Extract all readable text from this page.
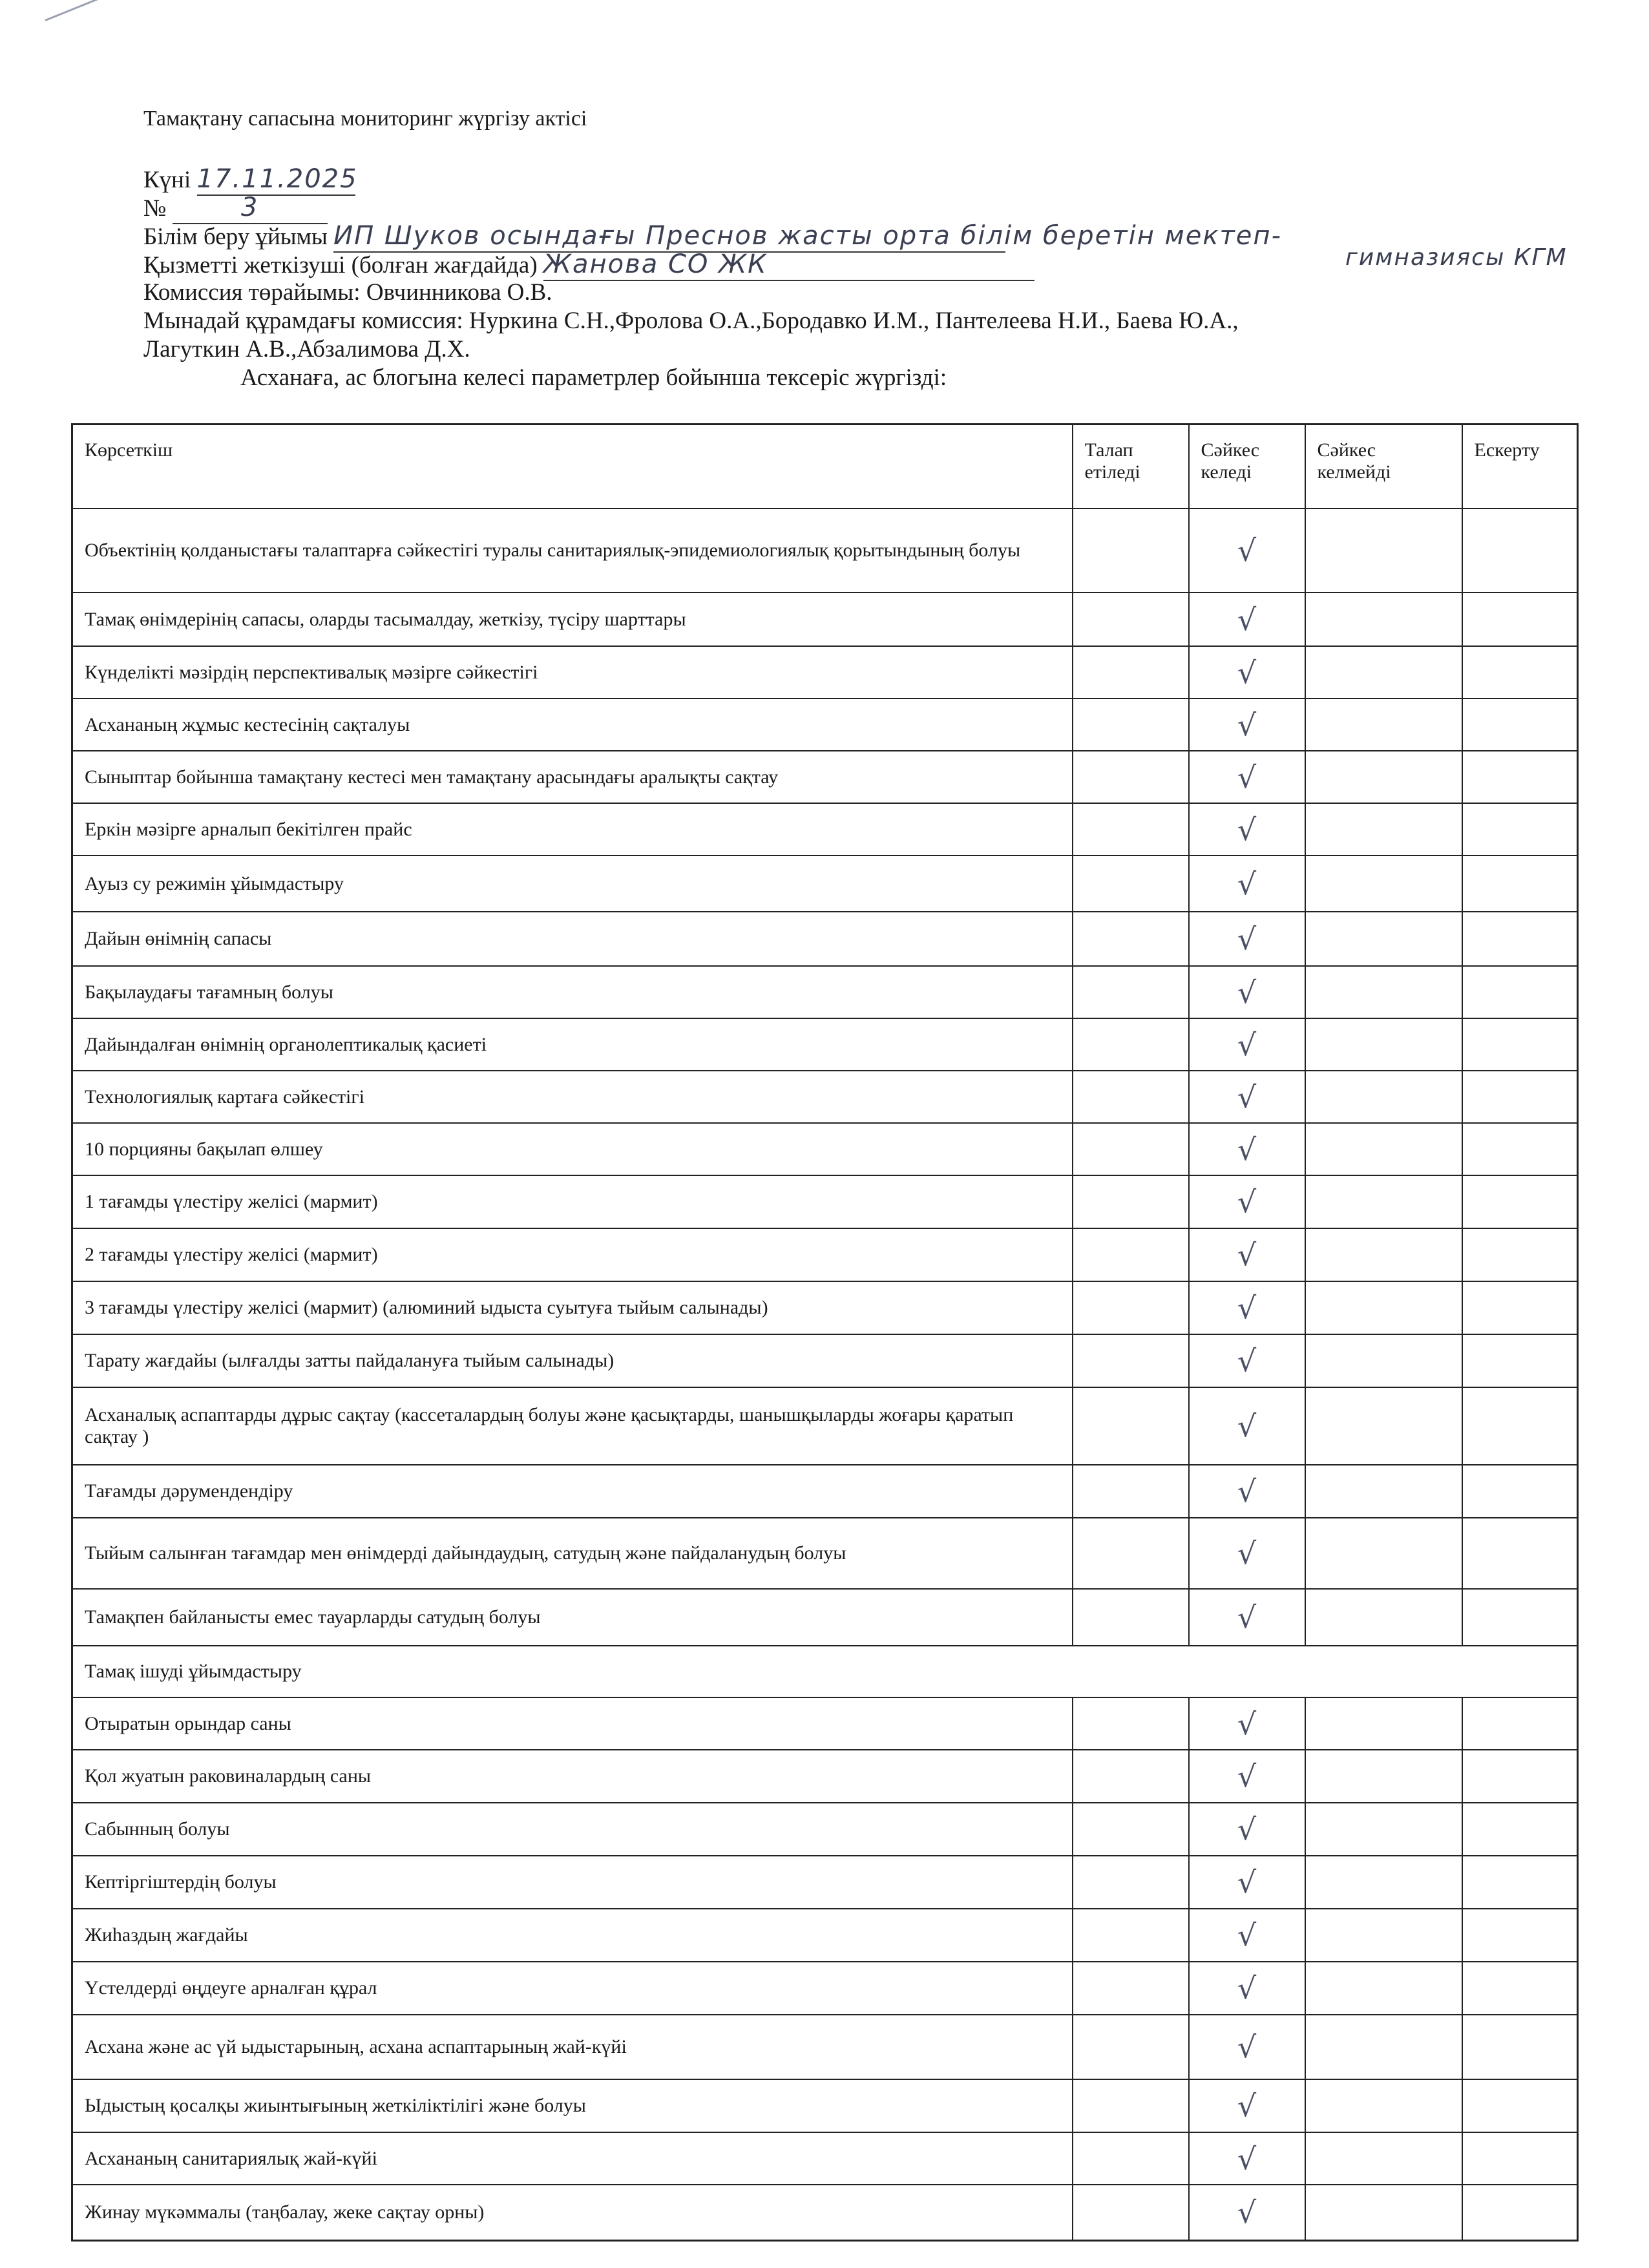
Тамақтану сапасына мониторинг жүргізу актісі
Күні 17.11.2025
№	3
Білім беру ұйымы ИП Шуков осындағы Преснов жасты орта білім беретін мектеп-
Қызметті жеткізуші (болған жағдайда) Жанова СО ЖК	гимназиясы КГМ
Комиссия төрайымы: Овчинникова О.В.
Мынадай құрамдағы комиссия: Нуркина С.Н.,Фролова О.А.,Бородавко И.М., Пантелеева Н.И., Баева Ю.А.,
Лагуткин А.В.,Абзалимова Д.Х.
Асханаға, ас блогына келесі параметрлер бойынша тексеріс жүргізді:
Көрсеткіш	Талап етіледі	Сәйкес келеді	Сәйкес келмейді	Ескерту
Объектінің қолданыстағы талаптарға сәйкестігі туралы санитариялық-эпидемиологиялық қорытындының болуы		√		
Тамақ өнімдерінің сапасы, оларды тасымалдау, жеткізу, түсіру шарттары		√		
Күнделікті мәзірдің перспективалық мәзірге сәйкестігі		√		
Асхананың жұмыс кестесінің сақталуы		√		
Сыныптар бойынша тамақтану кестесі мен тамақтану арасындағы аралықты сақтау		√		
Еркін мәзірге арналып бекітілген прайс		√		
Ауыз су режимін ұйымдастыру		√		
Дайын өнімнің сапасы		√		
Бақылаудағы тағамның болуы		√		
Дайындалған өнімнің органолептикалық қасиеті		√		
Технологиялық картаға сәйкестігі		√		
10 порцияны бақылап өлшеу		√		
1 тағамды үлестіру желісі (мармит)		√		
2 тағамды үлестіру желісі (мармит)		√		
3 тағамды үлестіру желісі (мармит) (алюминий ыдыста суытуға тыйым салынады)		√		
Тарату жағдайы (ылғалды затты пайдалануға тыйым салынады)		√		
Асханалық аспаптарды дұрыс сақтау (кассеталардың болуы және қасықтарды, шанышқыларды жоғары қаратып сақтау )		√		
Тағамды дәрумендендіру		√		
Тыйым салынған тағамдар мен өнімдерді дайындаудың, сатудың және пайдаланудың болуы		√		
Тамақпен байланысты емес тауарларды сатудың болуы		√		
Тамақ ішуді ұйымдастыру				
Отыратын орындар саны		√		
Қол жуатын раковиналардың саны		√		
Сабынның болуы		√		
Кептіргіштердің болуы		√		
Жиһаздың жағдайы		√		
Үстелдерді өңдеуге арналған құрал		√		
Асхана және ас үй ыдыстарының, асхана аспаптарының жай-күйі		√		
Ыдыстың қосалқы жиынтығының жеткіліктілігі және болуы		√		
Асхананың санитариялық жай-күйі		√		
Жинау мүкәммалы (таңбалау, жеке сақтау орны)		√		
